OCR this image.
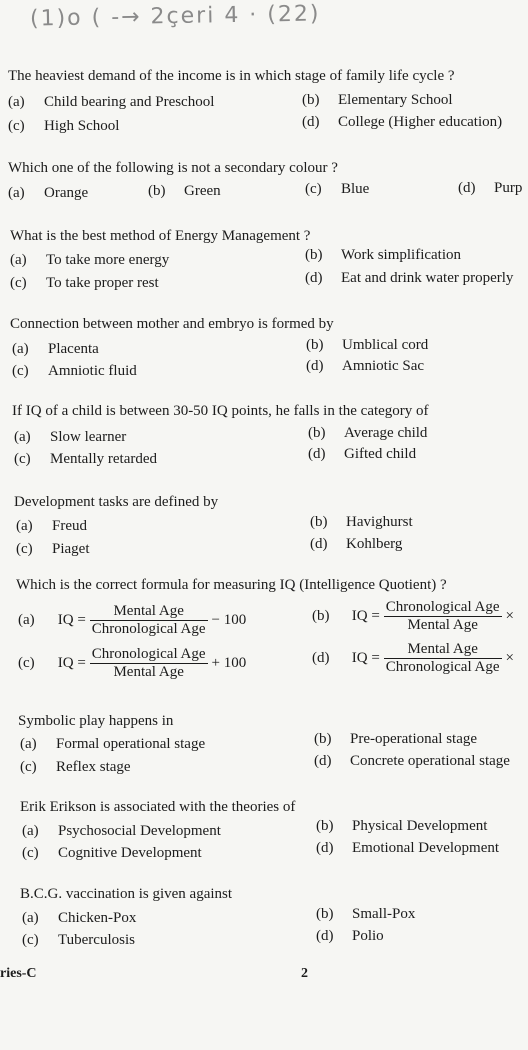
(1)o ( -→ 2çeri 4 · (22)
The heaviest demand of the income is in which stage of family life cycle ?
(a) Child bearing and Preschool	(b) Elementary School
(c) High School	(d) College (Higher education)
Which one of the following is not a secondary colour ?
(a) Orange	(b) Green	(c) Blue	(d) Purp
What is the best method of Energy Management ?
(a) To take more energy	(b) Work simplification
(c) To take proper rest	(d) Eat and drink water properly
Connection between mother and embryo is formed by
(a) Placenta	(b) Umblical cord
(c) Amniotic fluid	(d) Amniotic Sac
If IQ of a child is between 30-50 IQ points, he falls in the category of
(a) Slow learner	(b) Average child
(c) Mentally retarded	(d) Gifted child
Development tasks are defined by
(a) Freud	(b) Havighurst
(c) Piaget	(d) Kohlberg
Which is the correct formula for measuring IQ (Intelligence Quotient) ?
(a) IQ = $\frac{\text{Mental Age}}{\text{Chronological Age}} - 100$	(b) IQ = $\frac{\text{Chronological Age}}{\text{Mental Age}}$ ×
(c) IQ = $\frac{\text{Chronological Age}}{\text{Mental Age}} + 100$	(d) IQ = $\frac{\text{Mental Age}}{\text{Chronological Age}}$ ×
Symbolic play happens in
(a) Formal operational stage	(b) Pre-operational stage
(c) Reflex stage	(d) Concrete operational stage
Erik Erikson is associated with the theories of
(a) Psychosocial Development	(b) Physical Development
(c) Cognitive Development	(d) Emotional Development
B.C.G. vaccination is given against
(a) Chicken-Pox	(b) Small-Pox
(c) Tuberculosis	(d) Polio
ries-C	2
